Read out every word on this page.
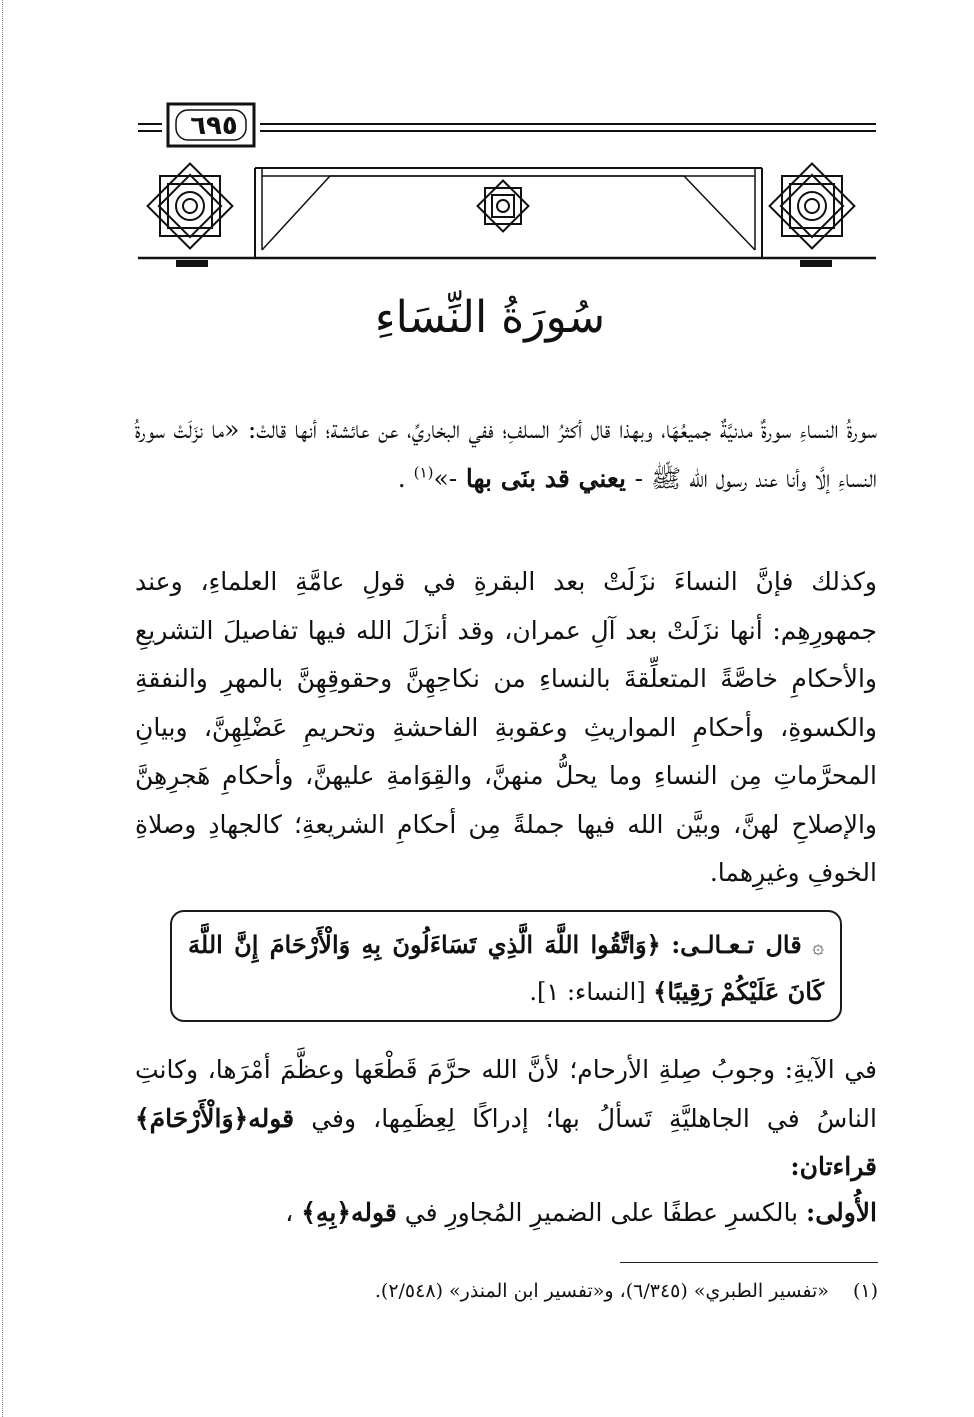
٦٩٥
سُورَةُ النِّسَاءِ

سورةُ النساءِ سورةٌ مدنيَّةٌ جميعُهَا، وبهذا قال أكثرُ السلفِ؛ ففي البخاريِّ، عن عائشة؛ أنها قالتْ: «ما نزَلَتْ سورةُ النساءِ إلَّا وأنا عند رسول الله ﷺ - يعني قد بنَى بها -»$^{(١)}$ .

وكذلك فإنَّ النساءَ نزَلَتْ بعد البقرةِ في قولِ عامَّةِ العلماءِ، وعند جمهورِهِم: أنها نزَلَتْ بعد آلِ عمران، وقد أنزَلَ الله فيها تفاصيلَ التشريعِ والأحكامِ خاصَّةً المتعلِّقةَ بالنساءِ من نكاحِهِنَّ وحقوقِهِنَّ بالمهرِ والنفقةِ والكسوةِ، وأحكامِ المواريثِ وعقوبةِ الفاحشةِ وتحريمِ عَضْلِهِنَّ، وبيانِ المحرَّماتِ مِن النساءِ وما يحلُّ منهنَّ، والقِوَامةِ عليهنَّ، وأحكامِ هَجرِهِنَّ والإصلاحِ لهنَّ، وبيَّن الله فيها جملةً مِن أحكامِ الشريعةِ؛ كالجهادِ وصلاةِ الخوفِ وغيرِهما.

۞ قال تـعـالـى: ﴿وَاتَّقُوا اللَّهَ الَّذِي تَسَاءَلُونَ بِهِ وَالْأَرْحَامَ إِنَّ اللَّهَ كَانَ عَلَيْكُمْ رَقِيبًا﴾ [النساء: ١].

في الآيةِ: وجوبُ صِلةِ الأرحام؛ لأنَّ الله حرَّمَ قَطْعَها وعظَّمَ أمْرَها، وكانتِ الناسُ في الجاهليَّةِ تَسألُ بها؛ إدراكًا لِعِظَمِها، وفي قوله﴿وَالْأَرْحَامَ﴾ قراءتان:

الأُولى: بالكسرِ عطفًا على الضميرِ المُجاورِ في قوله﴿بِهِ﴾ ،

(١)«تفسير الطبري» (٦/٣٤٥)، و«تفسير ابن المنذر» (٢/٥٤٨).
